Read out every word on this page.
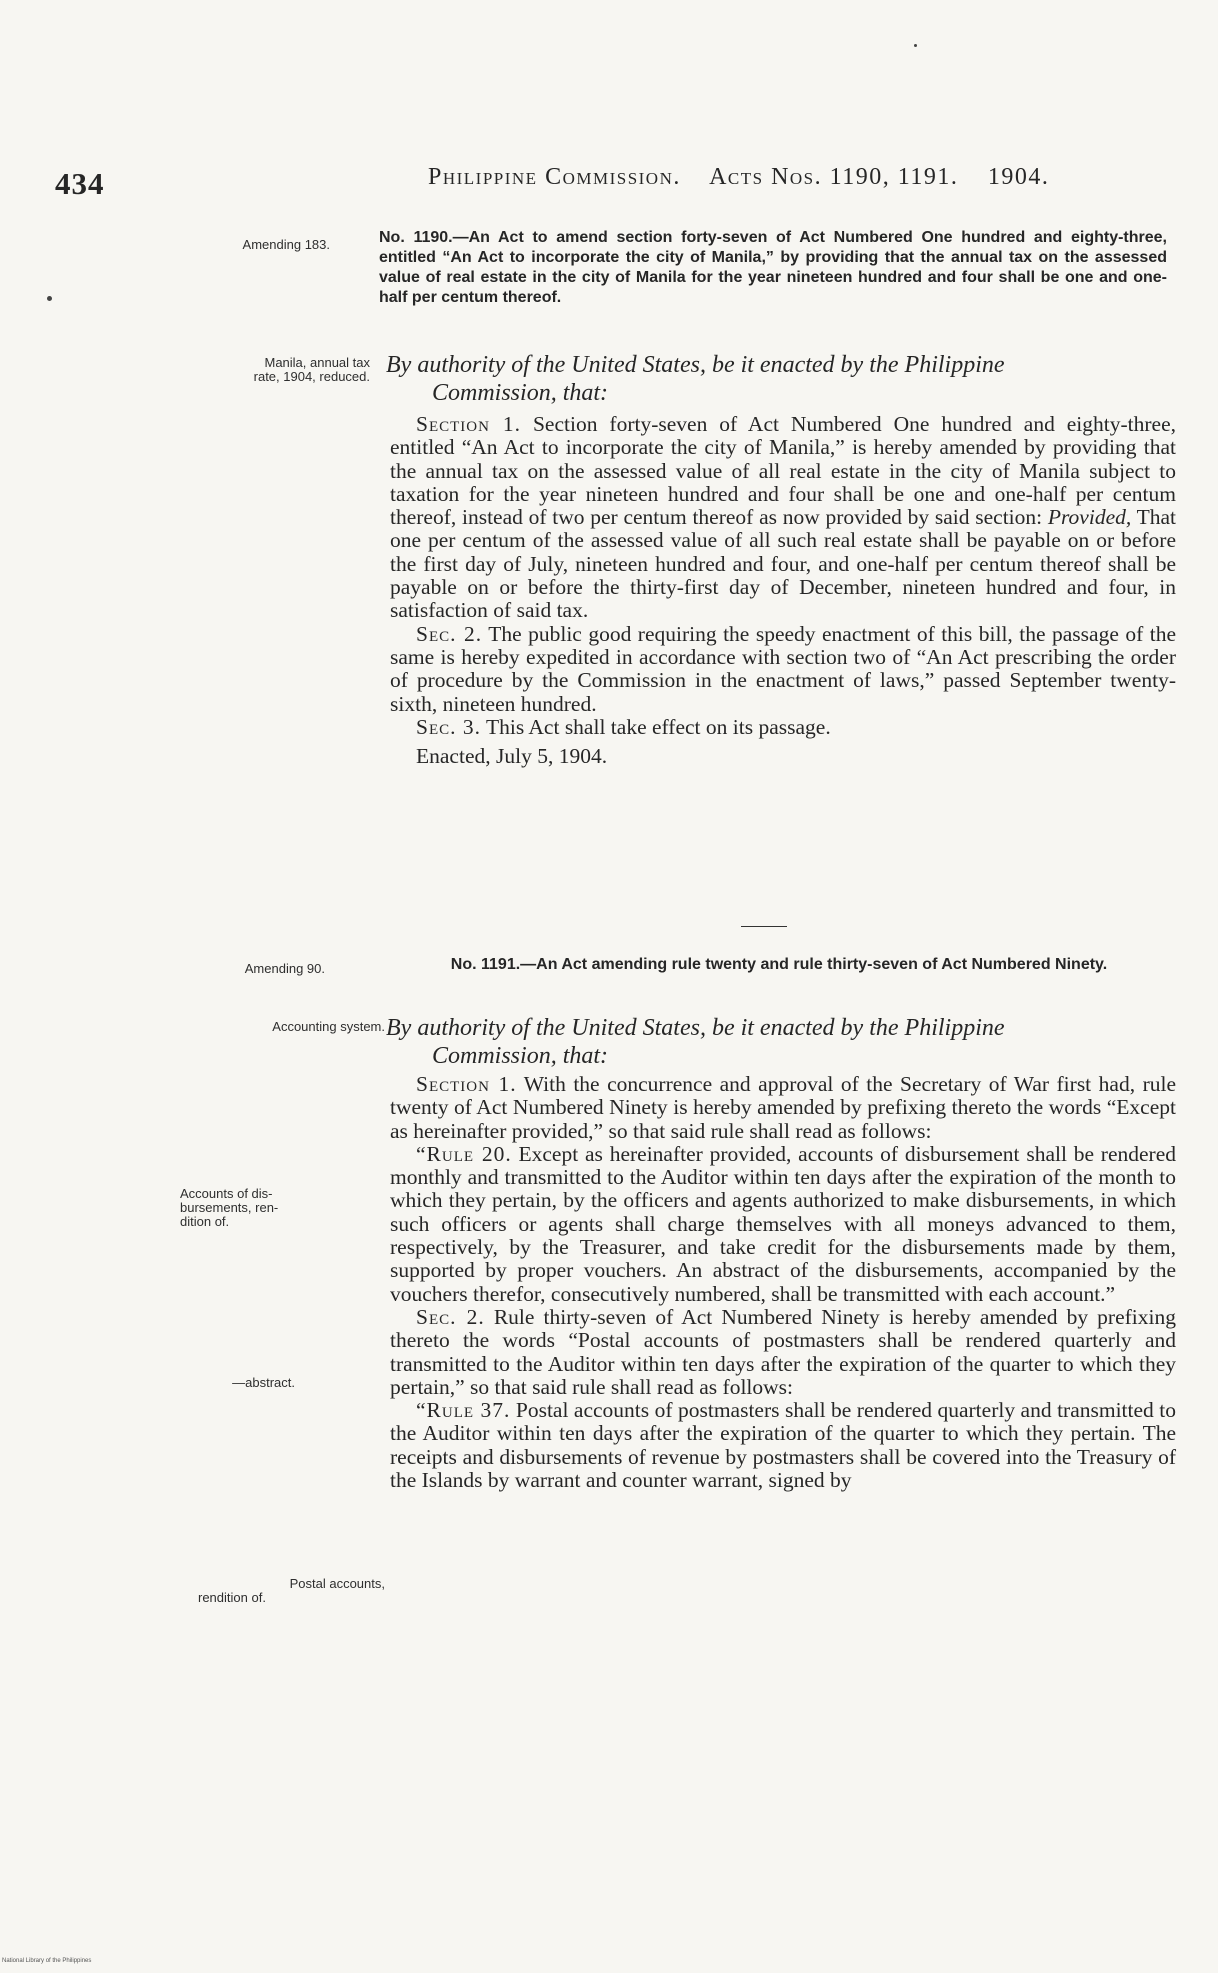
434	Philippine Commission. Acts Nos. 1190, 1191. 1904.
Amending 183.	No. 1190.—An Act to amend section forty-seven of Act Numbered One hundred and eighty-three, entitled “An Act to incorporate the city of Manila,” by providing that the annual tax on the assessed value of real estate in the city of Manila for the year nineteen hundred and four shall be one and one-half per centum thereof.
Manila, annual tax
rate, 1904, reduced. By authority of the United States, be it enacted by the Philippine
Commission, that:

Section 1. Section forty-seven of Act Numbered One hundred and eighty-three, entitled “An Act to incorporate the city of Manila,” is hereby amended by providing that the annual tax on the assessed value of all real estate in the city of Manila subject to taxation for the year nineteen hundred and four shall be one and one-half per centum thereof, instead of two per centum thereof as now provided by said section: Provided, That one per centum of the assessed value of all such real estate shall be payable on or before the first day of July, nineteen hundred and four, and one-half per centum thereof shall be payable on or before the thirty-first day of December, nineteen hundred and four, in satisfaction of said tax.

Sec. 2. The public good requiring the speedy enactment of this bill, the passage of the same is hereby expedited in accordance with section two of “An Act prescribing the order of procedure by the Commission in the enactment of laws,” passed September twenty-sixth, nineteen hundred.

Sec. 3. This Act shall take effect on its passage.

Enacted, July 5, 1904.

Amending 90.	No. 1191.—An Act amending rule twenty and rule thirty-seven of Act Numbered Ninety.
Accounting system. By authority of the United States, be it enacted by the Philippine
Commission, that:
Accounts of dis-
bursements, ren-
dition of.
—abstract.
Postal accounts,
rendition of.

Section 1. With the concurrence and approval of the Secretary of War first had, rule twenty of Act Numbered Ninety is hereby amended by prefixing thereto the words “Except as hereinafter provided,” so that said rule shall read as follows:

“Rule 20. Except as hereinafter provided, accounts of disbursement shall be rendered monthly and transmitted to the Auditor within ten days after the expiration of the month to which they pertain, by the officers and agents authorized to make disbursements, in which such officers or agents shall charge themselves with all moneys advanced to them, respectively, by the Treasurer, and take credit for the disbursements made by them, supported by proper vouchers. An abstract of the disbursements, accompanied by the vouchers therefor, consecutively numbered, shall be transmitted with each account.”

Sec. 2. Rule thirty-seven of Act Numbered Ninety is hereby amended by prefixing thereto the words “Postal accounts of postmasters shall be rendered quarterly and transmitted to the Auditor within ten days after the expiration of the quarter to which they pertain,” so that said rule shall read as follows:

“Rule 37. Postal accounts of postmasters shall be rendered quarterly and transmitted to the Auditor within ten days after the expiration of the quarter to which they pertain. The receipts and disbursements of revenue by postmasters shall be covered into the Treasury of the Islands by warrant and counter warrant, signed by

National Library of the Philippines
